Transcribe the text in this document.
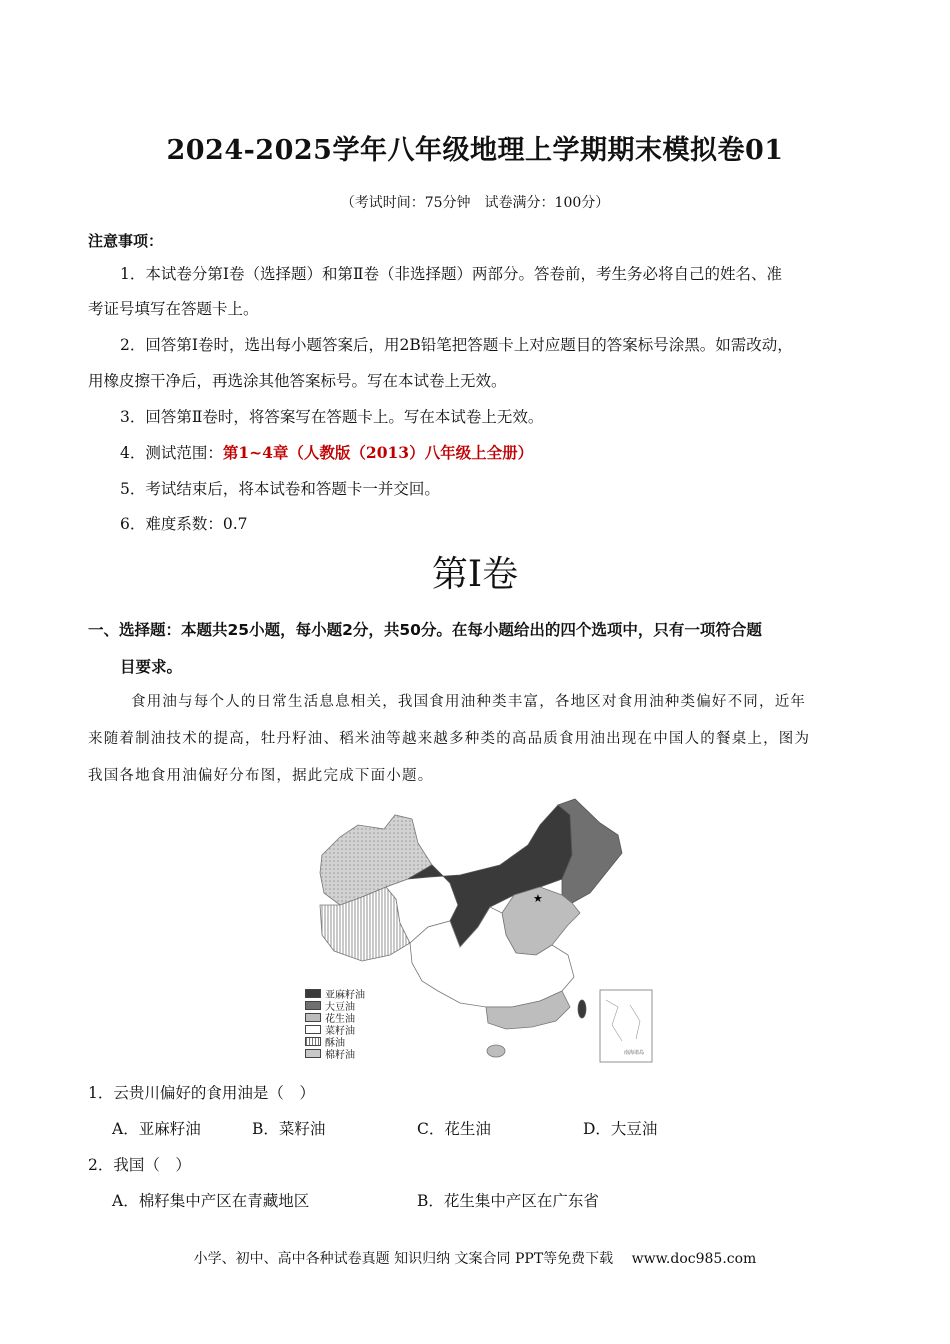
2024-2025学年八年级地理上学期期末模拟卷01
（考试时间：75分钟　试卷满分：100分）
注意事项：
1．本试卷分第Ⅰ卷（选择题）和第Ⅱ卷（非选择题）两部分。答卷前，考生务必将自己的姓名、准
考证号填写在答题卡上。
2．回答第Ⅰ卷时，选出每小题答案后，用2B铅笔把答题卡上对应题目的答案标号涂黑。如需改动，
用橡皮擦干净后，再选涂其他答案标号。写在本试卷上无效。
3．回答第Ⅱ卷时，将答案写在答题卡上。写在本试卷上无效。
4．测试范围：第1~4章（人教版（2013）八年级上全册）
5．考试结束后，将本试卷和答题卡一并交回。
6．难度系数：0.7
第Ⅰ卷
一、选择题：本题共25小题，每小题2分，共50分。在每小题给出的四个选项中，只有一项符合题
目要求。
食用油与每个人的日常生活息息相关，我国食用油种类丰富，各地区对食用油种类偏好不同，近年
来随着制油技术的提高，牡丹籽油、稻米油等越来越多种类的高品质食用油出现在中国人的餐桌上，图为
我国各地食用油偏好分布图，据此完成下面小题。
★
亚麻籽油
大豆油
花生油
菜籽油
酥油
棉籽油	南海诸岛
1．云贵川偏好的食用油是（　）
A．亚麻籽油	B．菜籽油	C．花生油	D．大豆油
2．我国（　）
A．棉籽集中产区在青藏地区	B．花生集中产区在广东省
小学、初中、高中各种试卷真题 知识归纳 文案合同 PPT等免费下载　 www.doc985.com
